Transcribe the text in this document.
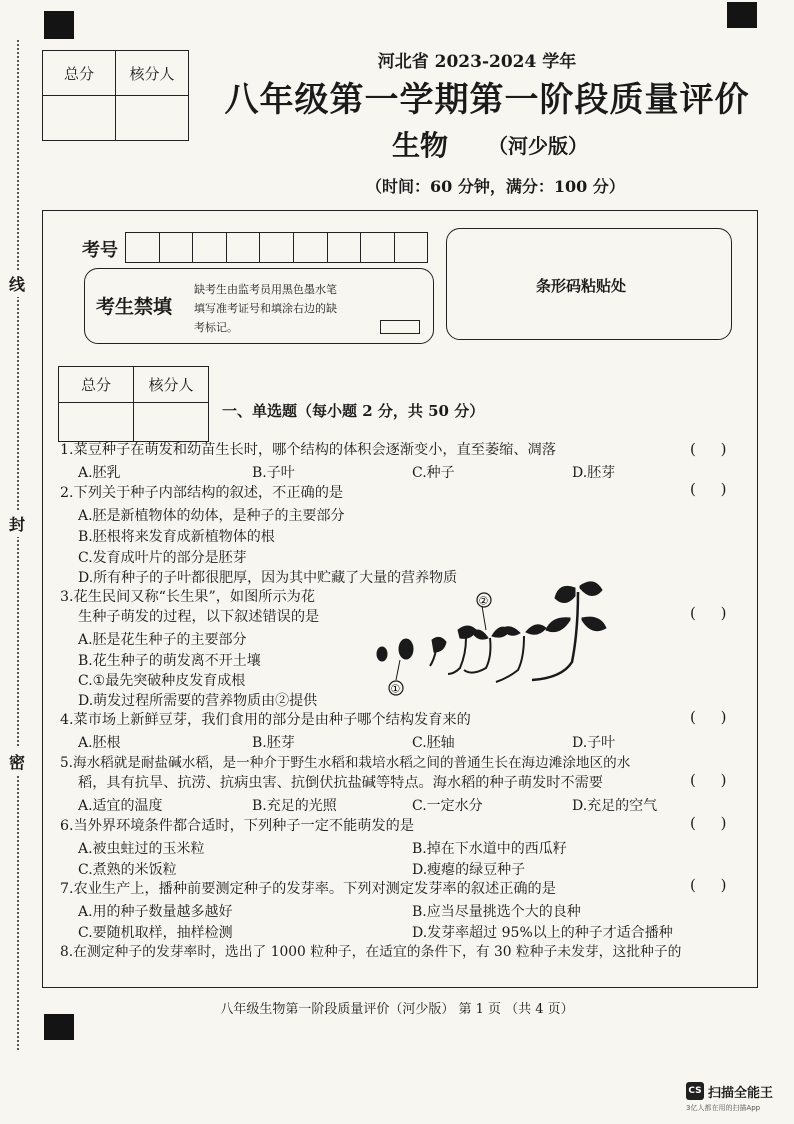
线
封
密
总分	核分人

河北省 2023-2024 学年
八年级第一学期第一阶段质量评价
生物 （河少版）
（时间：60 分钟，满分：100 分）
考号
考生禁填
缺考生由监考员用黑色墨水笔
填写准考证号和填涂右边的缺
考标记。
条形码粘贴处
总分	核分人

一、单选题（每小题 2 分，共 50 分）
1.菜豆种子在萌发和幼苗生长时，哪个结构的体积会逐渐变小，直至萎缩、凋落	( )
A.胚乳	B.子叶	C.种子	D.胚芽
2.下列关于种子内部结构的叙述，不正确的是	( )
A.胚是新植物体的幼体，是种子的主要部分
B.胚根将来发育成新植物体的根
C.发育成叶片的部分是胚芽
D.所有种子的子叶都很肥厚，因为其中贮藏了大量的营养物质
3.花生民间又称“长生果”，如图所示为花
生种子萌发的过程，以下叙述错误的是	( )
A.胚是花生种子的主要部分
B.花生种子的萌发离不开土壤
C.①最先突破种皮发育成根
D.萌发过程所需要的营养物质由②提供
②
①
4.菜市场上新鲜豆芽，我们食用的部分是由种子哪个结构发育来的	( )
A.胚根	B.胚芽	C.胚轴	D.子叶
5.海水稻就是耐盐碱水稻，是一种介于野生水稻和栽培水稻之间的普通生长在海边滩涂地区的水
稻，具有抗旱、抗涝、抗病虫害、抗倒伏抗盐碱等特点。海水稻的种子萌发时不需要	( )
A.适宜的温度	B.充足的光照	C.一定水分	D.充足的空气
6.当外界环境条件都合适时，下列种子一定不能萌发的是	( )
A.被虫蛀过的玉米粒	B.掉在下水道中的西瓜籽
C.煮熟的米饭粒	D.瘦瘪的绿豆种子
7.农业生产上，播种前要测定种子的发芽率。下列对测定发芽率的叙述正确的是	( )
A.用的种子数量越多越好	B.应当尽量挑选个大的良种
C.要随机取样，抽样检测	D.发芽率超过 95%以上的种子才适合播种
8.在测定种子的发芽率时，选出了 1000 粒种子，在适宜的条件下，有 30 粒种子未发芽，这批种子的
八年级生物第一阶段质量评价（河少版） 第 1 页 （共 4 页）
CS 扫描全能王
3亿人都在用的扫描App
